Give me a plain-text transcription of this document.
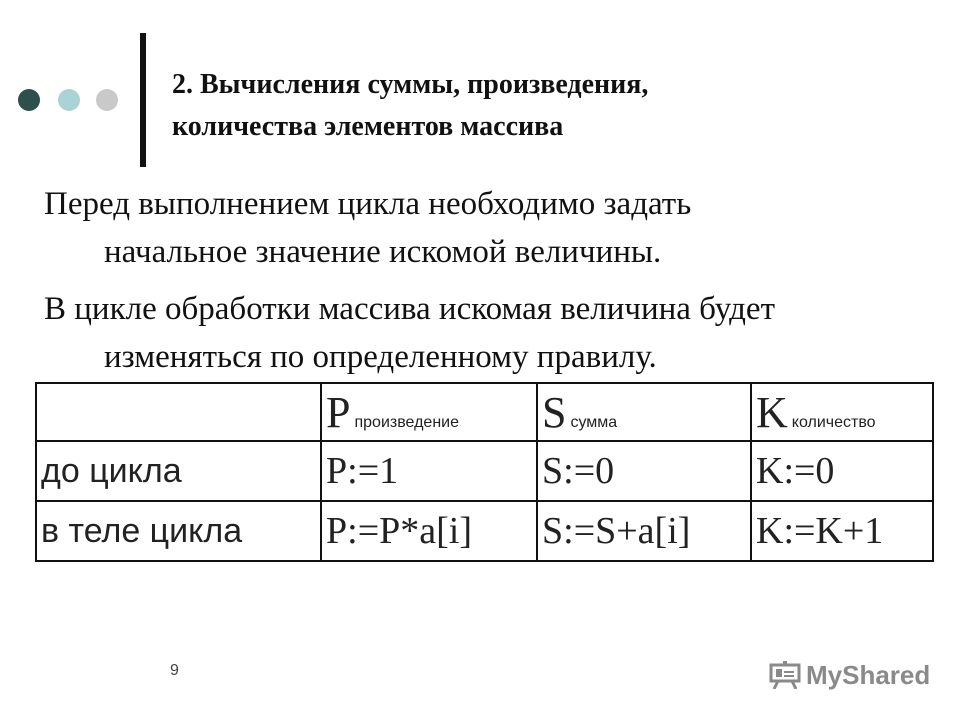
2. Вычисления суммы, произведения,
количества элементов массива
Перед выполнением цикла необходимо задать
начальное значение искомой величины.
В цикле обработки массива искомая величина будет
изменяться по определенному правилу.
	P произведение	S сумма	K количество
до цикла	P:=1	S:=0	K:=0
в теле цикла	P:=P*a[i]	S:=S+a[i]	K:=K+1
9	MyShared
